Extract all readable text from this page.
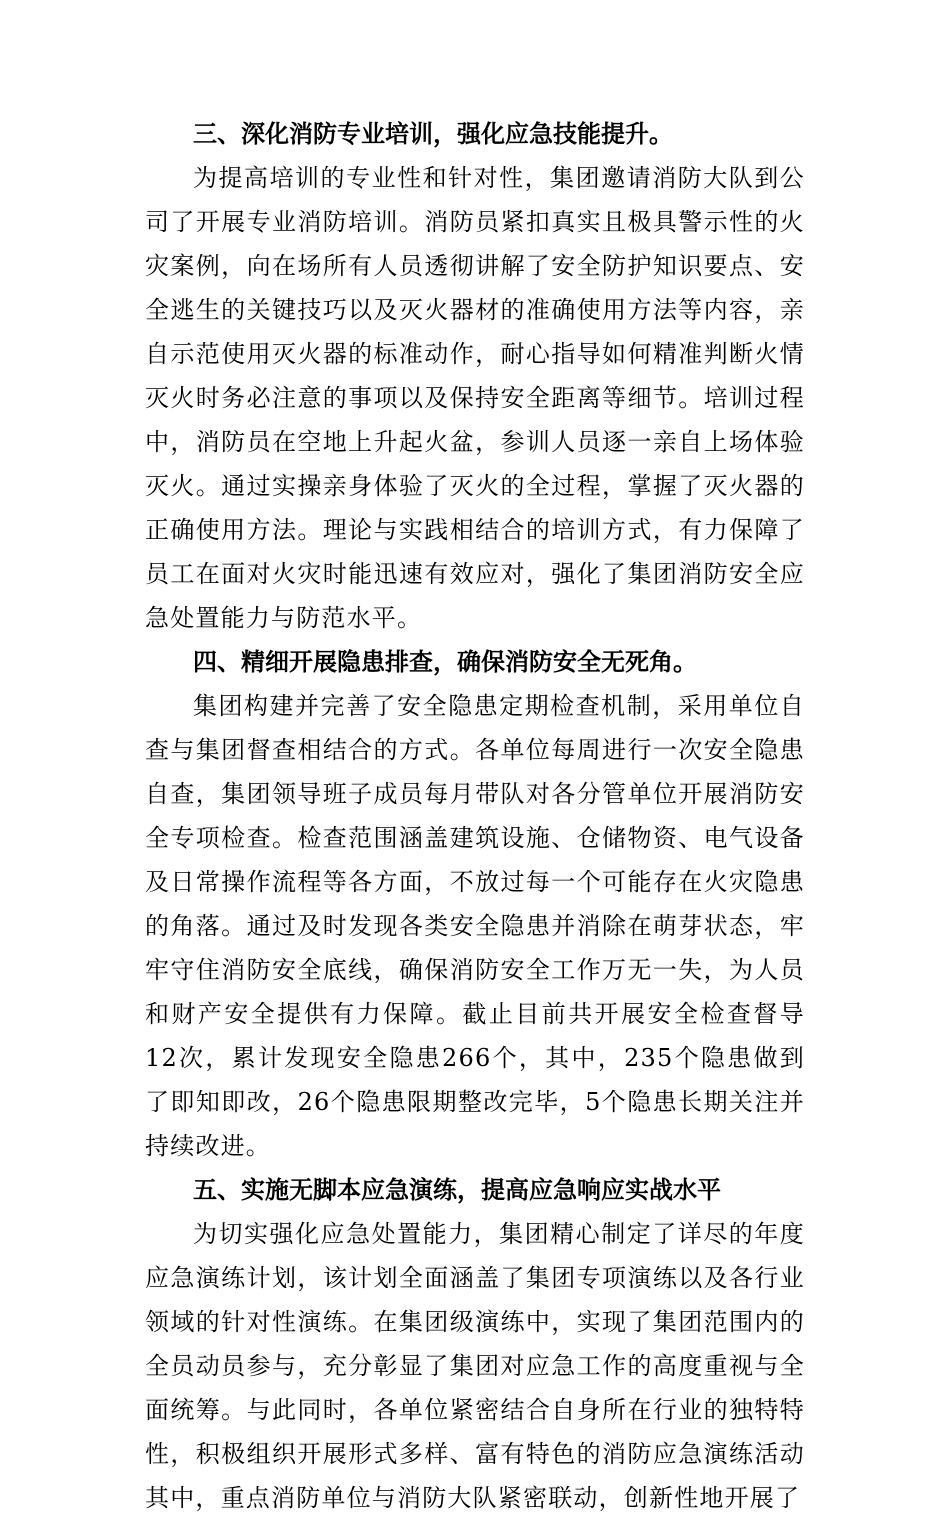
三、深化消防专业培训，强化应急技能提升。

为提高培训的专业性和针对性，集团邀请消防大队到公司了开展专业消防培训。消防员紧扣真实且极具警示性的火灾案例，向在场所有人员透彻讲解了安全防护知识要点、安全逃生的关键技巧以及灭火器材的准确使用方法等内容，亲自示范使用灭火器的标准动作，耐心指导如何精准判断火情灭火时务必注意的事项以及保持安全距离等细节。培训过程中，消防员在空地上升起火盆，参训人员逐一亲自上场体验灭火。通过实操亲身体验了灭火的全过程，掌握了灭火器的正确使用方法。理论与实践相结合的培训方式，有力保障了员工在面对火灾时能迅速有效应对，强化了集团消防安全应急处置能力与防范水平。

四、精细开展隐患排查，确保消防安全无死角。

集团构建并完善了安全隐患定期检查机制，采用单位自查与集团督查相结合的方式。各单位每周进行一次安全隐患自查，集团领导班子成员每月带队对各分管单位开展消防安全专项检查。检查范围涵盖建筑设施、仓储物资、电气设备及日常操作流程等各方面，不放过每一个可能存在火灾隐患的角落。通过及时发现各类安全隐患并消除在萌芽状态，牢牢守住消防安全底线，确保消防安全工作万无一失，为人员和财产安全提供有力保障。截止目前共开展安全检查督导12次，累计发现安全隐患266个，其中，235个隐患做到了即知即改，26个隐患限期整改完毕，5个隐患长期关注并持续改进。

五、实施无脚本应急演练，提高应急响应实战水平

为切实强化应急处置能力，集团精心制定了详尽的年度应急演练计划，该计划全面涵盖了集团专项演练以及各行业领域的针对性演练。在集团级演练中，实现了集团范围内的全员动员参与，充分彰显了集团对应急工作的高度重视与全面统筹。与此同时，各单位紧密结合自身所在行业的独特特性，积极组织开展形式多样、富有特色的消防应急演练活动其中，重点消防单位与消防大队紧密联动，创新性地开展了
